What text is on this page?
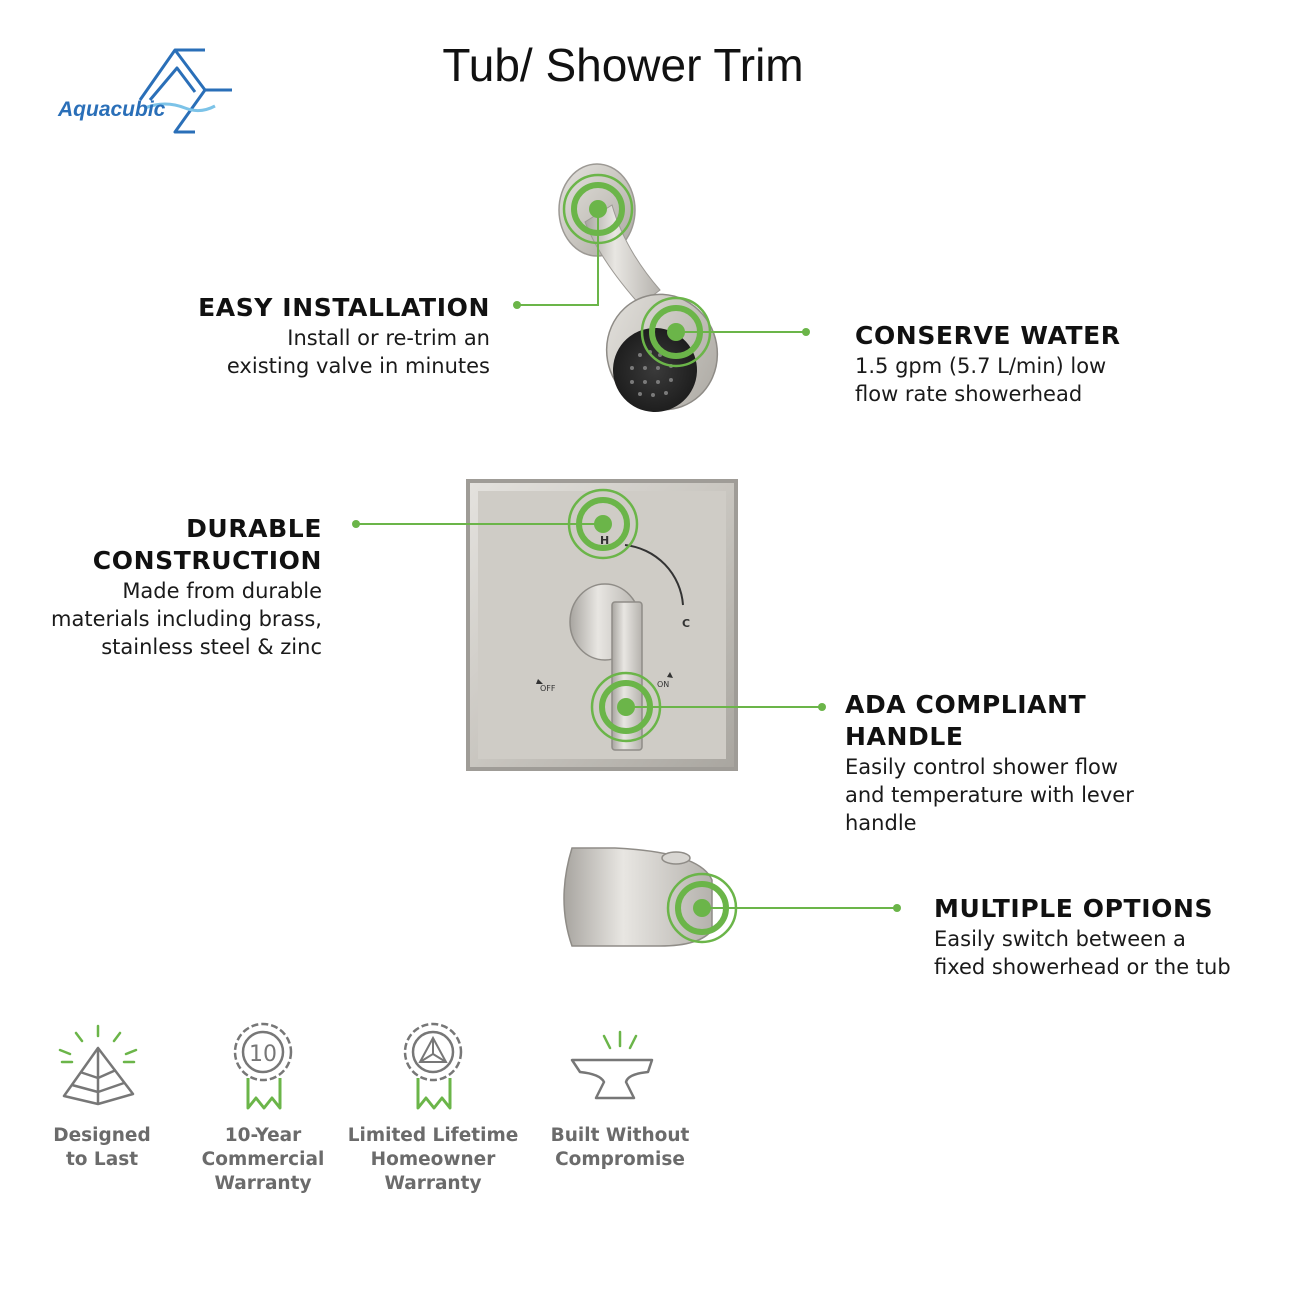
Aquacubic
Tub/ Shower Trim
H
C
OFF	ON
10
EASY INSTALLATION
Install or re-trim an
existing valve in minutes
CONSERVE WATER
1.5 gpm (5.7 L/min) low
flow rate showerhead
DURABLE
CONSTRUCTION
Made from durable
materials including brass,
stainless steel & zinc
ADA COMPLIANT
HANDLE
Easily control shower flow
and temperature with lever
handle
MULTIPLE OPTIONS
Easily switch between a
fixed showerhead or the tub
Designed
to Last
10-Year
Commercial
Warranty
Limited Lifetime
Homeowner
Warranty
Built Without
Compromise
